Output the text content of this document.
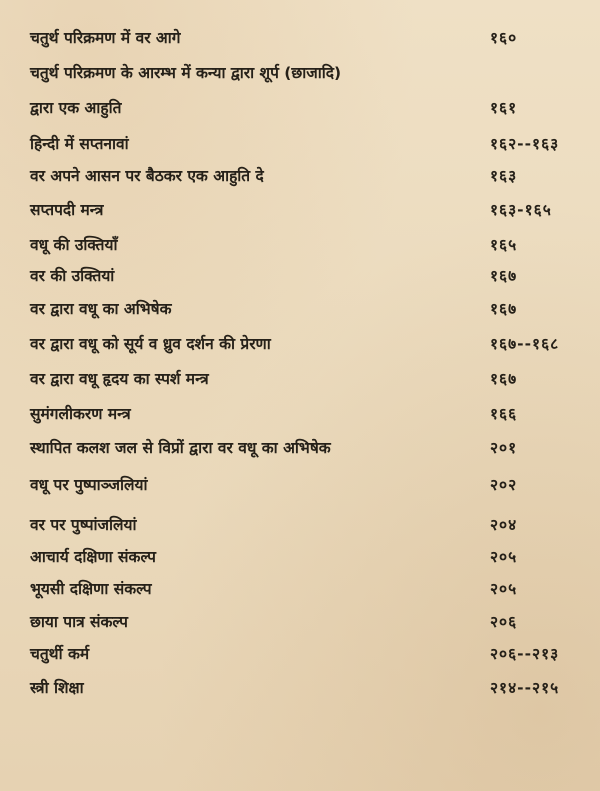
चतुर्थ परिक्रमण में वर आगे	१६०
चतुर्थ परिक्रमण के आरम्भ में कन्या द्वारा शूर्प (छाजादि)
द्वारा एक आहुति	१६१
हिन्दी में सप्तनावां	१६२--१६३
वर अपने आसन पर बैठकर एक आहुति दे	१६३
सप्तपदी मन्त्र	१६३-१६५
वधू की उक्तियाँ	१६५
वर की उक्तियां	१६७
वर द्वारा वधू का अभिषेक	१६७
वर द्वारा वधू को सूर्य व ध्रुव दर्शन की प्रेरणा	१६७--१६८
वर द्वारा वधू हृदय का स्पर्श मन्त्र	१६७
सुमंगलीकरण मन्त्र	१६६
स्थापित कलश जल से विप्रों द्वारा वर वधू का अभिषेक	२०१
वधू पर पुष्पाञ्जलियां	२०२
वर पर पुष्पांजलियां	२०४
आचार्य दक्षिणा संकल्प	२०५
भूयसी दक्षिणा संकल्प	२०५
छाया पात्र संकल्प	२०६
चतुर्थी कर्म	२०६--२१३
स्त्री शिक्षा	२१४--२१५
